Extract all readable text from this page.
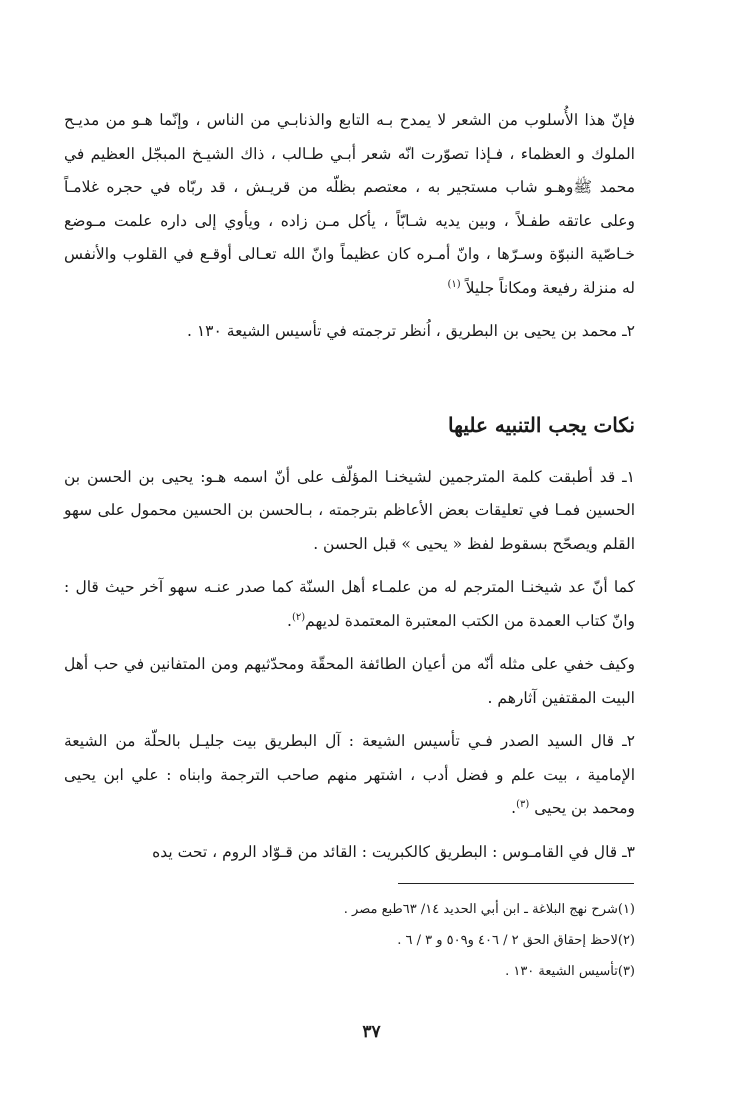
فإنّ هذا الأُسلوب من الشعر لا يمدح بـه التابع والذنابـي من الناس ، وإنّما هـو من مديـح الملوك و العظماء ، فـإذا تصوّرت انّه شعر أبـي طـالب ، ذاك الشيـخ المبجّل العظيم في محمد ﷺوهـو شاب مستجير به ، معتصم بظلّه من قريـش ، قد ربّاه في حجره غلامـاً وعلى عاتقه طفـلاً ، وبين يديه شـابّاً ، يأكل مـن زاده ، ويأوي إلى داره علمت مـوضع خـاصّية النبوّة وسـرّها ، وانّ أمـره كان عظيماً وانّ الله تعـالى أوقـع في القلوب والأنفس له منزلة رفيعة ومكاناً جليلاً $^{(١)}$

٢ـ محمد بن يحيى بن البطريق ، اُنظر ترجمته في تأسيس الشيعة ١٣٠ .

نكات يجب التنبيه عليها

١ـ قد أطبقت كلمة المترجمين لشيخنـا المؤلّف على أنّ اسمه هـو: يحيى بن الحسن بن الحسين فمـا في تعليقات بعض الأعاظم بترجمته ، بـالحسن بن الحسين محمول على سهو القلم ويصحّح بسقوط لفظ « يحيى » قبل الحسن .

كما أنّ عد شيخنـا المترجم له من علمـاء أهل السنّة كما صدر عنـه سهو آخر حيث قال : وانّ كتاب العمدة من الكتب المعتبرة المعتمدة لديهم$^{(٢)}$.

وكيف خفي على مثله أنّه من أعيان الطائفة المحقّة ومحدّثيهم ومن المتفانين في حب أهل البيت المقتفين آثارهم .

٢ـ قال السيد الصدر فـي تأسيس الشيعة : آل البطريق بيت جليـل بالحلّة من الشيعة الإمامية ، بيت علم و فضل أدب ، اشتهر منهم صاحب الترجمة وابناه : علي ابن يحيى ومحمد بن يحيى $^{(٣)}$.

٣ـ قال في القامـوس : البطريق كالكبريت : القائد من قـوّاد الروم ، تحت يده

(١)شرح نهج البلاغة ـ ابن أبي الحديد ١٤/ ٦٣طبع مصر .

(٢)لاحظ إحقاق الحق ٢ / ٤٠٦ و٥٠٩ و ٣ / ٦ .

(٣)تأسيس الشيعة ١٣٠ .

٣٧
